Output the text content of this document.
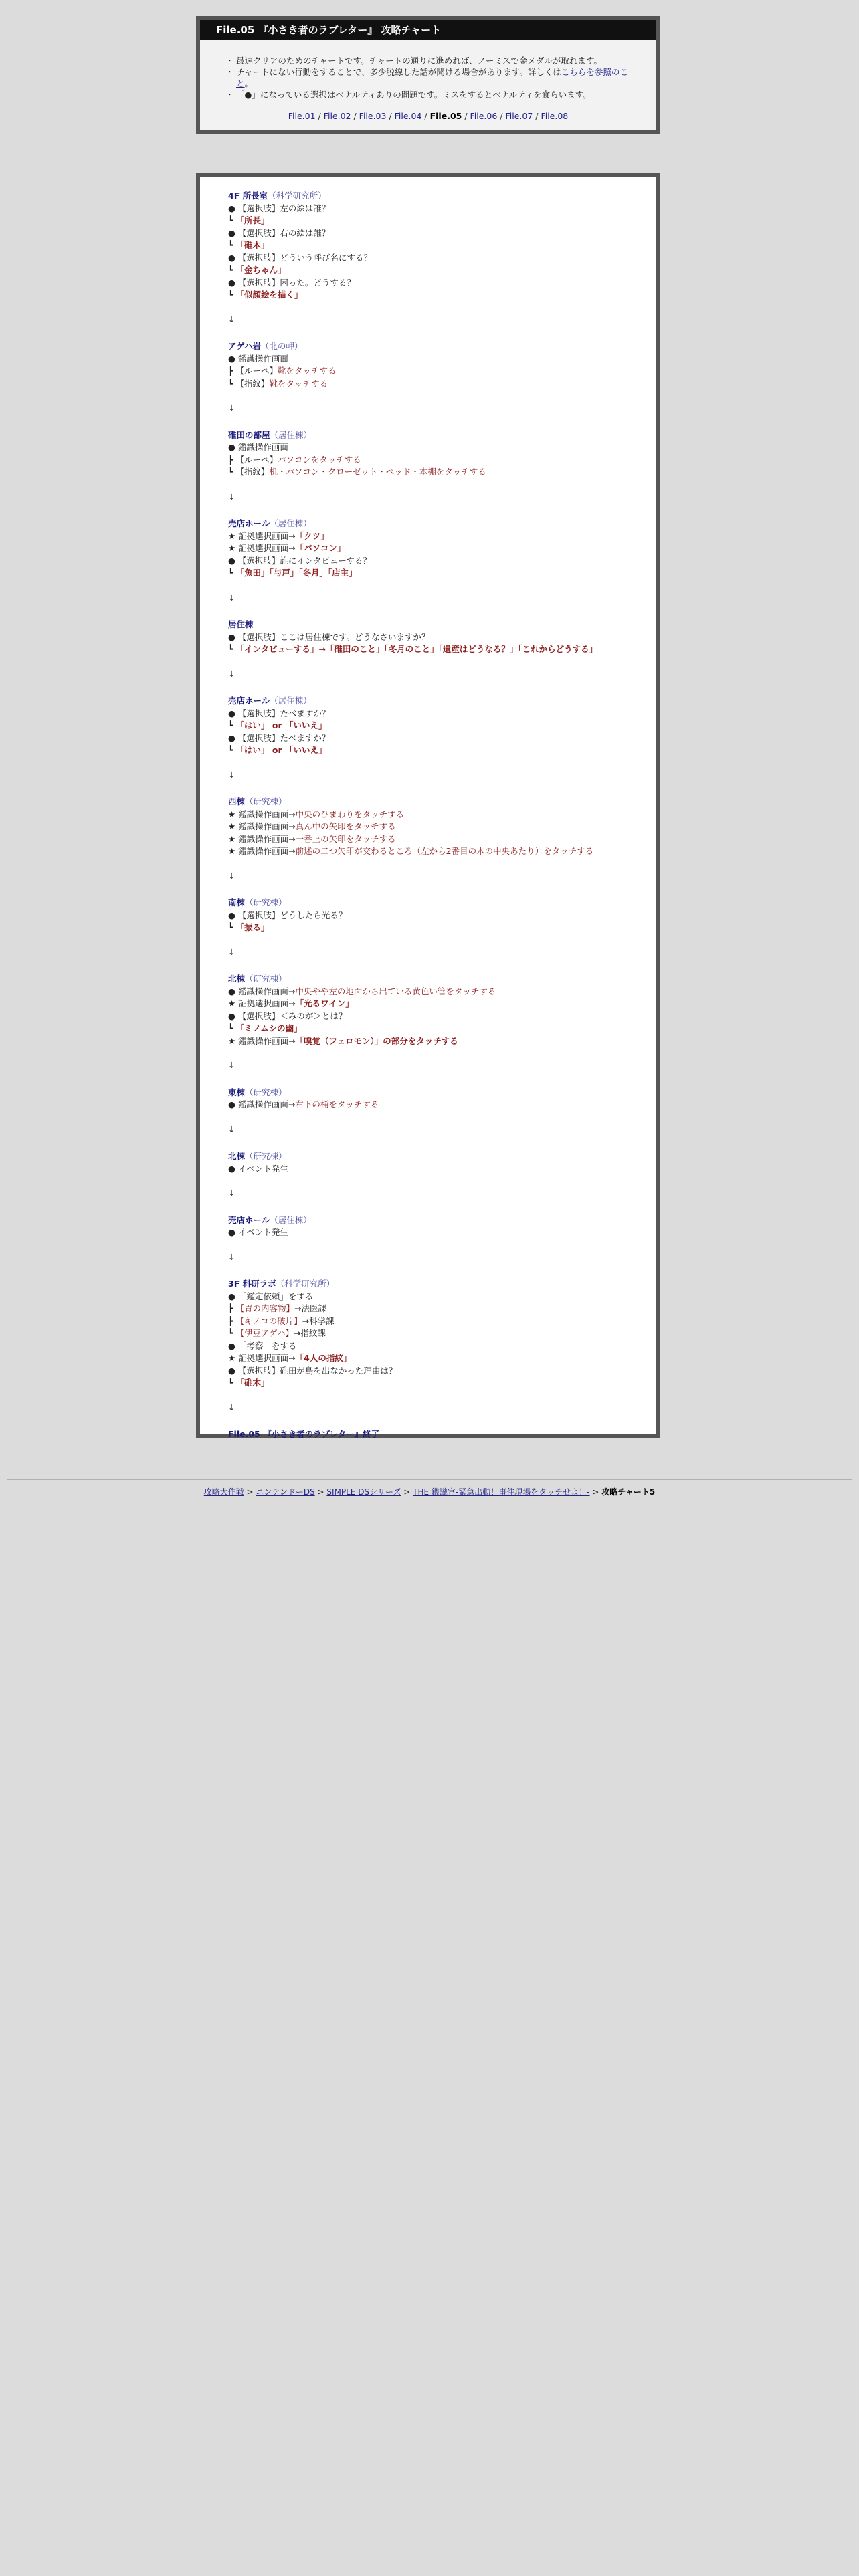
File.05 『小さき者のラブレター』 攻略チャート
・ 最速クリアのためのチャートです。チャートの通りに進めれば、ノーミスで金メダルが取れます。
・ チャートにない行動をすることで、多少脱線した話が聞ける場合があります。詳しくはこちらを参照のこと。
・ 「●」になっている選択はペナルティありの問題です。ミスをするとペナルティを食らいます。
File.01 / File.02 / File.03 / File.04 / File.05 / File.06 / File.07 / File.08
4F 所長室（科学研究所）
● 【選択肢】左の絵は誰？
┗ 「所長」
● 【選択肢】右の絵は誰？
┗ 「碓木」
● 【選択肢】どういう呼び名にする？
┗ 「金ちゃん」
● 【選択肢】困った。どうする？
┗ 「似顔絵を描く」
↓
アゲハ岩（北の岬）
● 鑑識操作画面
┣ 【ルーペ】靴をタッチする
┗ 【指紋】靴をタッチする
↓
碓田の部屋（居住棟）
● 鑑識操作画面
┣ 【ルーペ】パソコンをタッチする
┗ 【指紋】机・パソコン・クローゼット・ベッド・本棚をタッチする
↓
売店ホール（居住棟）
★ 証拠選択画面→「クツ」
★ 証拠選択画面→「パソコン」
● 【選択肢】誰にインタビューする？
┗ 「魚田」「与戸」「冬月」「店主」
↓
居住棟
● 【選択肢】ここは居住棟です。どうなさいますか？
┗ 「インタビューする」→「碓田のこと」「冬月のこと」「遺産はどうなる？」「これからどうする」
↓
売店ホール（居住棟）
● 【選択肢】たべますか？
┗ 「はい」 or 「いいえ」
● 【選択肢】たべますか？
┗ 「はい」 or 「いいえ」
↓
西棟（研究棟）
★ 鑑識操作画面→中央のひまわりをタッチする
★ 鑑識操作画面→真ん中の矢印をタッチする
★ 鑑識操作画面→一番上の矢印をタッチする
★ 鑑識操作画面→前述の二つ矢印が交わるところ（左から2番目の木の中央あたり）をタッチする
↓
南棟（研究棟）
● 【選択肢】どうしたら光る？
┗ 「振る」
↓
北棟（研究棟）
● 鑑識操作画面→中央やや左の地面から出ている黄色い管をタッチする
★ 証拠選択画面→「光るワイン」
● 【選択肢】＜みのが＞とは？
┗ 「ミノムシの幽」
★ 鑑識操作画面→「嗅覚（フェロモン）」の部分をタッチする
↓
東棟（研究棟）
● 鑑識操作画面→右下の桶をタッチする
↓
北棟（研究棟）
● イベント発生
↓
売店ホール（居住棟）
● イベント発生
↓
3F 科研ラボ（科学研究所）
● 「鑑定依頼」をする
┣ 【胃の内容物】→法医課
┣ 【キノコの破片】→科学課
┗ 【伊豆アゲハ】→指紋課
● 「考察」をする
★ 証拠選択画面→「4人の指紋」
● 【選択肢】碓田が島を出なかった理由は？
┗ 「碓木」
↓
File.05 『小さき者のラブレター』終了
攻略大作戦 > ニンテンドーDS > SIMPLE DSシリーズ > THE 鑑識官-緊急出動！事件現場をタッチせよ！- > 攻略チャート5
